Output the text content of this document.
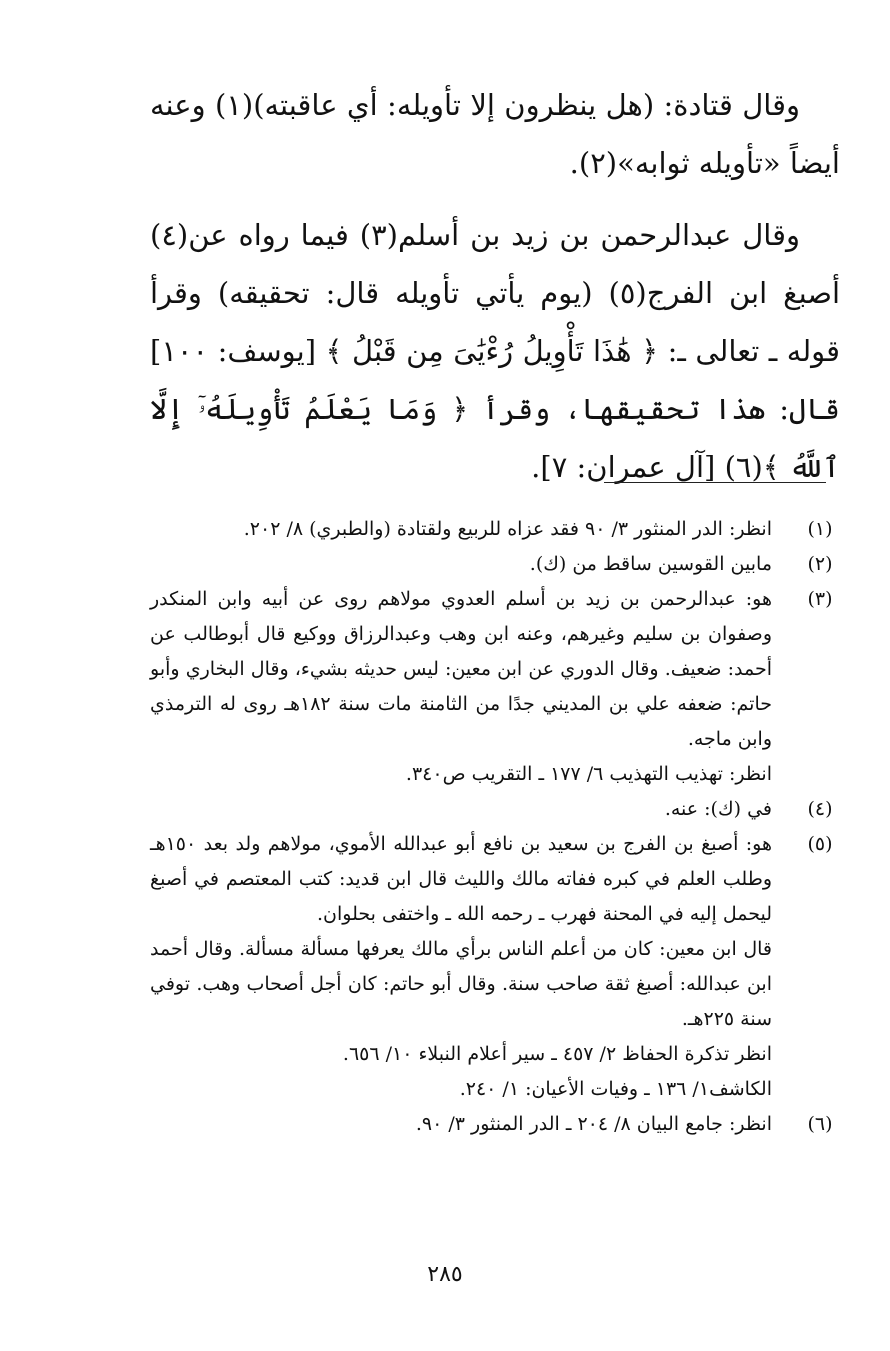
وقال قتادة: (هل ينظرون إلا تأويله: أي عاقبته)(١) وعنه أيضاً «تأويله ثوابه»(٢).

وقال عبدالرحمن بن زيد بن أسلم(٣) فيما رواه عن(٤) أصبغ ابن الفرج(٥) (يوم يأتي تأويله قال: تحقيقه) وقرأ قوله ـ تعالى ـ: ﴿ هَٰذَا تَأْوِيلُ رُءْيَٰىَ مِن قَبْلُ ﴾ [يوسف: ١٠٠] قال: هذا تحقيقها، وقرأ ﴿ وَمَا يَعْلَمُ تَأْوِيلَهُۥٓ إِلَّا ٱللَّهُ ﴾(٦) [آل عمران: ٧].

(١)
انظر: الدر المنثور ٣/ ٩٠ فقد عزاه للربيع ولقتادة (والطبري) ٨/ ٢٠٢.
(٢)
مابين القوسين ساقط من (ك).
(٣)
هو: عبدالرحمن بن زيد بن أسلم العدوي مولاهم روى عن أبيه وابن المنكدر وصفوان بن سليم وغيرهم، وعنه ابن وهب وعبدالرزاق ووكيع قال أبوطالب عن أحمد: ضعيف. وقال الدوري عن ابن معين: ليس حديثه بشيء، وقال البخاري وأبو حاتم: ضعفه علي بن المديني جدًا من الثامنة مات سنة ١٨٢هـ روى له الترمذي وابن ماجه.
انظر: تهذيب التهذيب ٦/ ١٧٧ ـ التقريب ص٣٤٠.
(٤)
في (ك): عنه.
(٥)
هو: أصبغ بن الفرج بن سعيد بن نافع أبو عبدالله الأموي، مولاهم ولد بعد ١٥٠هـ وطلب العلم في كبره ففاته مالك والليث قال ابن قديد: كتب المعتصم في أصبغ ليحمل إليه في المحنة فهرب ـ رحمه الله ـ واختفى بحلوان.
قال ابن معين: كان من أعلم الناس برأي مالك يعرفها مسألة مسألة. وقال أحمد ابن عبدالله: أصبغ ثقة صاحب سنة. وقال أبو حاتم: كان أجل أصحاب وهب. توفي سنة ٢٢٥هـ.
انظر تذكرة الحفاظ ٢/ ٤٥٧ ـ سير أعلام النبلاء ١٠/ ٦٥٦.
الكاشف١/ ١٣٦ ـ وفيات الأعيان: ١/ ٢٤٠.
(٦)
انظر: جامع البيان ٨/ ٢٠٤ ـ الدر المنثور ٣/ ٩٠.
٢٨٥
